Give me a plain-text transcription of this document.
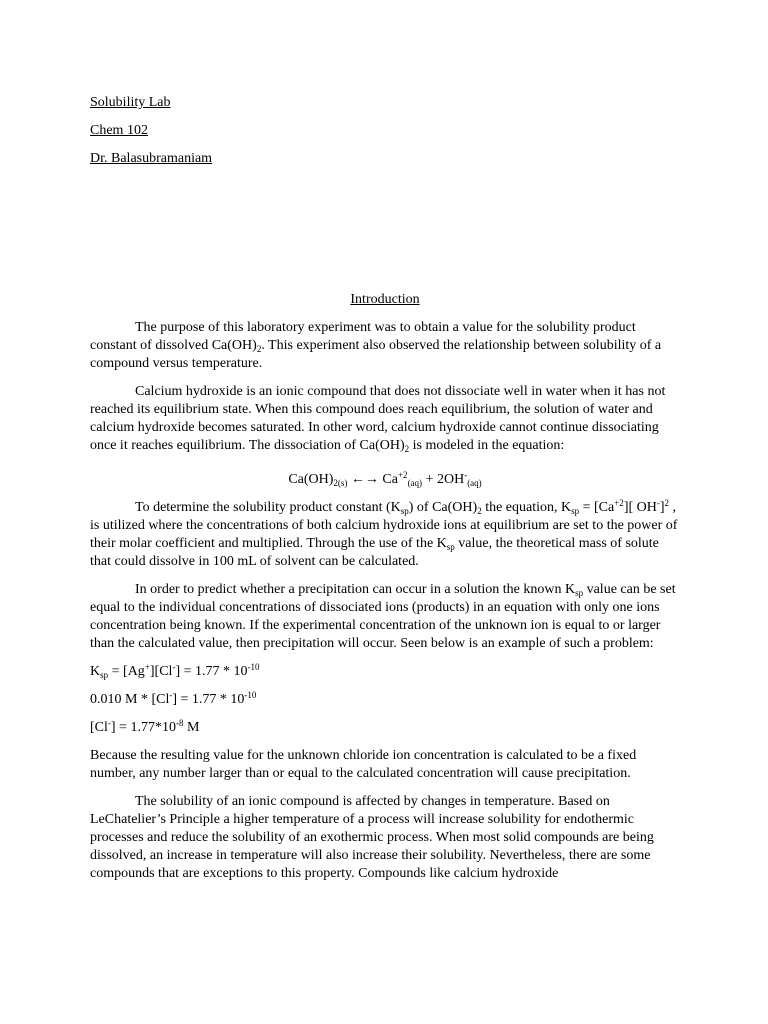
Solubility Lab
Chem 102
Dr. Balasubramaniam

Introduction

The purpose of this laboratory experiment was to obtain a value for the solubility product constant of dissolved $Ca(OH)_2$. This experiment also observed the relationship between solubility of a compound versus temperature.

Calcium hydroxide is an ionic compound that does not dissociate well in water when it has not reached its equilibrium state. When this compound does reach equilibrium, the solution of water and calcium hydroxide becomes saturated. In other word, calcium hydroxide cannot continue dissociating once it reaches equilibrium. The dissociation of $Ca(OH)_2$ is modeled in the equation:

$Ca(OH)_{2(s)}$ ←→ $Ca^{+2}_{(aq)} + 2OH^-_{(aq)}$

To determine the solubility product constant $(K_{sp})$ of $Ca(OH)_2$ the equation, $K_{sp} = [Ca^{+2}]$[ OH-]$^2$ , is utilized where the concentrations of both calcium hydroxide ions at equilibrium are set to the power of their molar coefficient and multiplied. Through the use of the $K_{sp}$ value, the theoretical mass of solute that could dissolve in 100 mL of solvent can be calculated.

In order to predict whether a precipitation can occur in a solution the known $K_{sp}$ value can be set equal to the individual concentrations of dissociated ions (products) in an equation with only one ions concentration being known. If the experimental concentration of the unknown ion is equal to or larger than the calculated value, then precipitation will occur. Seen below is an example of such a problem:

$K_{sp} = [Ag^+][Cl^-] = 1.77 * 10^{-10}$

0.010 $M * [Cl^-] = 1.77 * 10^{-10}$

$[Cl^-] = 1.77*10^{-8}$ M

Because the resulting value for the unknown chloride ion concentration is calculated to be a fixed number, any number larger than or equal to the calculated concentration will cause precipitation.

The solubility of an ionic compound is affected by changes in temperature. Based on LeChatelier’s Principle a higher temperature of a process will increase solubility for endothermic processes and reduce the solubility of an exothermic process. When most solid compounds are being dissolved, an increase in temperature will also increase their solubility. Nevertheless, there are some compounds that are exceptions to this property. Compounds like calcium hydroxide
